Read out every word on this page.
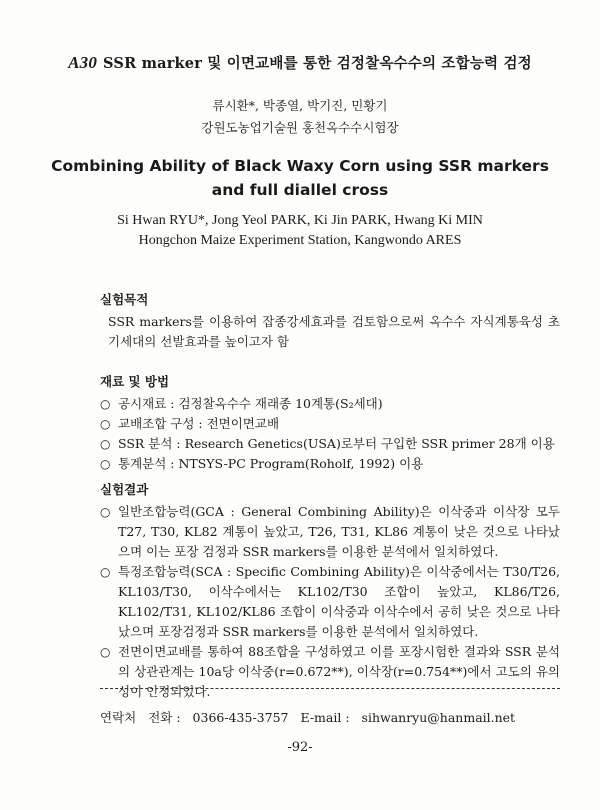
A30 SSR marker 및 이면교배를 통한 검정찰옥수수의 조합능력 검정
류시환*, 박종열, 박기진, 민황기
강원도농업기술원 홍천옥수수시험장
Combining Ability of Black Waxy Corn using SSR markers
and full diallel cross
Si Hwan RYU*, Jong Yeol PARK, Ki Jin PARK, Hwang Ki MIN
Hongchon Maize Experiment Station, Kangwondo ARES
실험목적
SSR markers를 이용하여 잡종강세효과를 검토함으로써 옥수수 자식계통육성 초기세대의 선발효과를 높이고자 함
재료 및 방법
○ 공시재료 : 검정찰옥수수 재래종 10계통(S₂세대)
○ 교배조합 구성 : 전면이면교배
○ SSR 분석 : Research Genetics(USA)로부터 구입한 SSR primer 28개 이용
○ 통계분석 : NTSYS-PC Program(Roholf, 1992) 이용
실험결과
○ 일반조합능력(GCA : General Combining Ability)은 이삭중과 이삭장 모두 T27, T30, KL82 계통이 높았고, T26, T31, KL86 계통이 낮은 것으로 나타났으며 이는 포장 검정과 SSR markers를 이용한 분석에서 일치하였다.
○ 특정조합능력(SCA : Specific Combining Ability)은 이삭중에서는 T30/T26, KL103/T30, 이삭수에서는 KL102/T30 조합이 높았고, KL86/T26, KL102/T31, KL102/KL86 조합이 이삭중과 이삭수에서 공히 낮은 것으로 나타났으며 포장검정과 SSR markers를 이용한 분석에서 일치하였다.
○ 전면이면교배를 통하여 88조합을 구성하였고 이를 포장시험한 결과와 SSR 분석의 상관관계는 10a당 이삭중(r=0.672**), 이삭장(r=0.754**)에서 고도의 유의성이 인정되었다.
연락처 전화 : 0366-435-3757 E-mail : sihwanryu@hanmail.net
-92-
